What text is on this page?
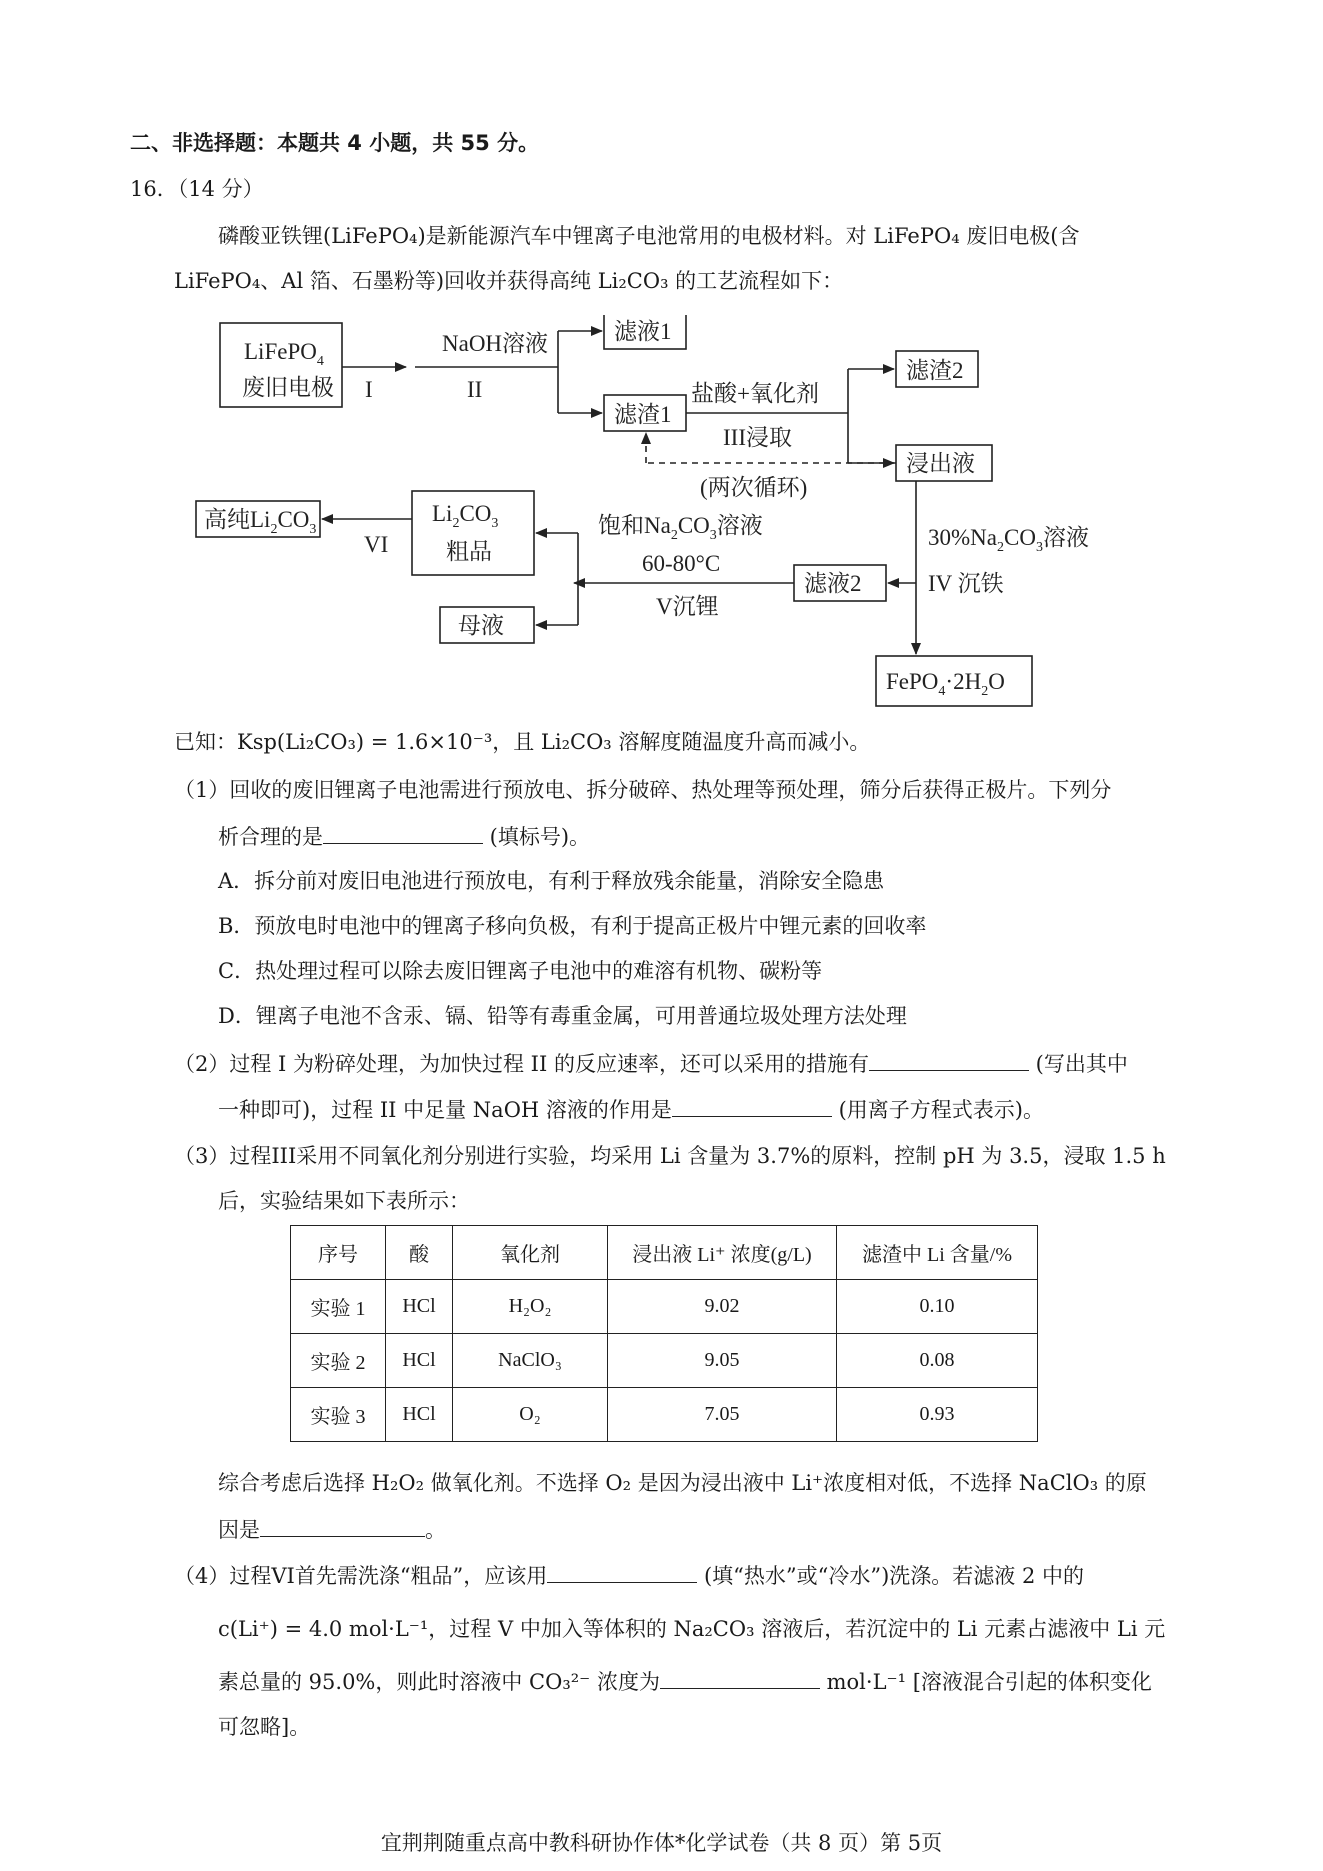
二、非选择题：本题共 4 小题，共 55 分。
16．（14 分）
磷酸亚铁锂(LiFePO₄)是新能源汽车中锂离子电池常用的电极材料。对 LiFePO₄ 废旧电极(含
LiFePO₄、Al 箔、石墨粉等)回收并获得高纯 Li₂CO₃ 的工艺流程如下：
LiFePO$_4$
废旧电极 I
NaOH溶液
II
滤液1
滤渣1
盐酸+氧化剂
III浸取
滤渣2
浸出液
(两次循环)
$30\%Na_2CO_3$溶液
IV 沉铁
$FePO_4\cdot 2H_2O$
滤液2
饱和$Na_2CO_3$溶液
60-80°C
V沉锂
$Li_2CO_3$
粗品
母液
VI
高纯$Li_2CO_3$
已知：Ksp(Li₂CO₃) = 1.6×10⁻³，且 Li₂CO₃ 溶解度随温度升高而减小。
（1）回收的废旧锂离子电池需进行预放电、拆分破碎、热处理等预处理，筛分后获得正极片。下列分
析合理的是	(填标号)。
A．拆分前对废旧电池进行预放电，有利于释放残余能量，消除安全隐患
B．预放电时电池中的锂离子移向负极，有利于提高正极片中锂元素的回收率
C．热处理过程可以除去废旧锂离子电池中的难溶有机物、碳粉等
D．锂离子电池不含汞、镉、铅等有毒重金属，可用普通垃圾处理方法处理
（2）过程 I 为粉碎处理，为加快过程 II 的反应速率，还可以采用的措施有	(写出其中
一种即可)，过程 II 中足量 NaOH 溶液的作用是	(用离子方程式表示)。
（3）过程III采用不同氧化剂分别进行实验，均采用 Li 含量为 3.7%的原料，控制 pH 为 3.5，浸取 1.5 h
后，实验结果如下表所示：
序号	酸	氧化剂	浸出液 Li⁺ 浓度(g/L)	滤渣中 Li 含量/%
实验 1	HCl	H₂O₂	9.02	0.10
实验 2	HCl	NaClO₃	9.05	0.08
实验 3	HCl	O₂	7.05	0.93
综合考虑后选择 H₂O₂ 做氧化剂。不选择 O₂ 是因为浸出液中 Li⁺浓度相对低，不选择 NaClO₃ 的原
因是	。
（4）过程VI首先需洗涤“粗品”，应该用	(填“热水”或“冷水”)洗涤。若滤液 2 中的
c(Li⁺) = 4.0 mol·L⁻¹，过程 V 中加入等体积的 Na₂CO₃ 溶液后，若沉淀中的 Li 元素占滤液中 Li 元
素总量的 95.0%，则此时溶液中 CO₃²⁻ 浓度为	mol·L⁻¹ [溶液混合引起的体积变化
可忽略]。
宜荆荆随重点高中教科研协作体*化学试卷（共 8 页）第 5页
